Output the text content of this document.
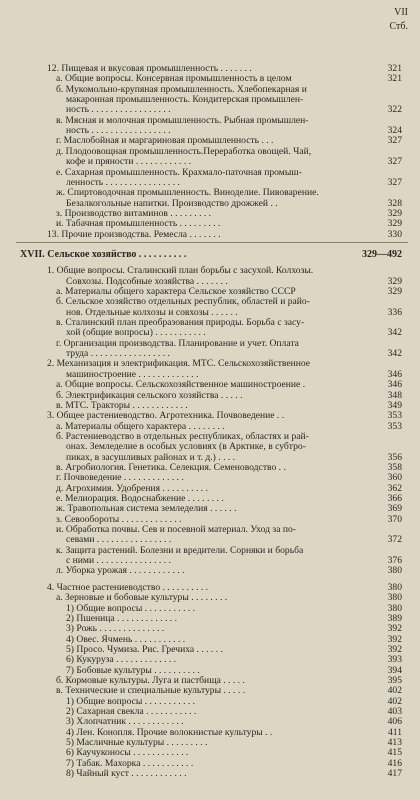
VII
Стб.
12. Пищевая и вкусовая промышленность . . . . . . .	321
а. Общие вопросы. Консервная промышленность в целом	321
б. Мукомольно-крупяная промышленность. Хлебопекарная и
макаронная промышленность. Кондитерская промышлен-
ность . . . . . . . . . . . . . . . . .	322
в. Мясная и молочная промышленность. Рыбная промышлен-
ность . . . . . . . . . . . . . . . . .	324
г. Маслобойная и маргариновая промышленность . . .	327
д. Плодоовощная промышленность.Переработка овощей. Чай,
кофе и пряности . . . . . . . . . . . .	327
е. Сахарная промышленность. Крахмало-паточная промыш-
ленность . . . . . . . . . . . . . . . .	327
ж. Спиртоводочная промышленность. Виноделие. Пивоварение.
Безалкогольные напитки. Производство дрожжей . .	328
з. Производство витаминов . . . . . . . . .	329
и. Табачная промышленность . . . . . . . . .	329
13. Прочие производства. Ремесла . . . . . . .	330
XVII. Сельское хозяйство . . . . . . . . . .	329—492
1. Общие вопросы. Сталинский план борьбы с засухой. Колхозы.
Совхозы. Подсобные хозяйства . . . . . . .	329
а. Материалы общего характера Сельское хозяйство СССР	329
б. Сельское хозяйство отдельных республик, областей и райо-
нов. Отдельные колхозы и совхозы . . . . . .	336
в. Сталинский план преобразования природы. Борьба с засу-
хой (общие вопросы) . . . . . . . . . . .	342
г. Организация производства. Планирование и учет. Оплата
труда . . . . . . . . . . . . . . . . .	342
2. Механизация и электрификация. МТС. Сельскохозяйственное
машиностроение . . . . . . . . . . . . .	346
а. Общие вопросы. Сельскохозяйственное машиностроение .	346
б. Электрификация сельского хозяйства . . . . .	348
в. МТС. Тракторы . . . . . . . . . . . .	349
3. Общее растениеводство. Агротехника. Почвоведение . .	353
а. Материалы общего характера . . . . . . . .	353
б. Растениеводство в отдельных республиках, областях и рай-
онах. Земледелие в особых условиях (в Арктике, в субтро-
пиках, в засушливых районах и т. д.) . . . .	356
в. Агробиология. Генетика. Селекция. Семеноводство . .	358
г. Почвоведение . . . . . . . . . . . . .	360
д. Агрохимия. Удобрения . . . . . . . . . .	362
е. Мелиорация. Водоснабжение . . . . . . . .	366
ж. Травопольная система земледелия . . . . . .	369
з. Севообороты . . . . . . . . . . . . .	370
и. Обработка почвы. Сев и посевной материал. Уход за по-
севами . . . . . . . . . . . . . . . .	372
к. Защита растений. Болезни и вредители. Сорняки и борьба
с ними . . . . . . . . . . . . . . . .	376
л. Уборка урожая . . . . . . . . . . . .	380
4. Частное растениеводство . . . . . . . . . .	380
а. Зерновые и бобовые культуры . . . . . . . .	380
1) Общие вопросы . . . . . . . . . . .	380
2) Пшеница . . . . . . . . . . . . .	389
3) Рожь . . . . . . . . . . . . . .	392
4) Овес. Ячмень . . . . . . . . . . .	392
5) Просо. Чумиза. Рис. Гречиха . . . . . .	392
6) Кукуруза . . . . . . . . . . . . .	393
7) Бобовые культуры . . . . . . . . . .	394
б. Кормовые культуры. Луга и пастбища . . . . .	395
в. Технические и специальные культуры . . . . .	402
1) Общие вопросы . . . . . . . . . . .	402
2) Сахарная свекла . . . . . . . . . . .	403
3) Хлопчатник . . . . . . . . . . . .	406
4) Лен. Конопля. Прочие волокнистые культуры . .	411
5) Масличные культуры . . . . . . . . .	413
6) Каучуконосы . . . . . . . . . . . .	415
7) Табак. Махорка . . . . . . . . . . .	416
8) Чайный куст . . . . . . . . . . . .	417
